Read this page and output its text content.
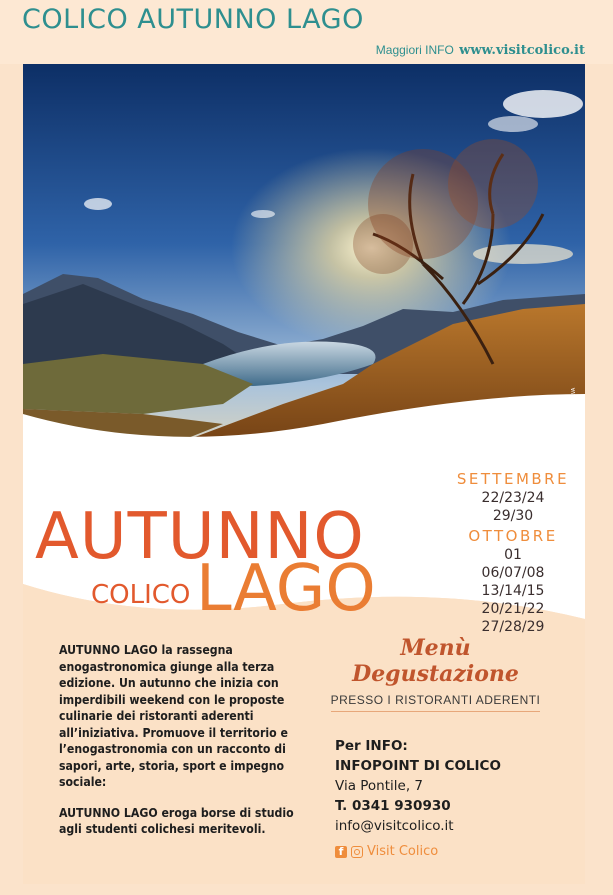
COLICO AUTUNNO LAGO
Maggiori INFO www.visitcolico.it
AUTUNNO
COLICO LAGO
SETTEMBRE
22/23/24
29/30
OTTOBRE
01
06/07/08
13/14/15
20/21/22
27/28/29

AUTUNNO LAGO la rassegna enogastronomica giunge alla terza edizione. Un autunno che inizia con imperdibili weekend con le proposte culinarie dei ristoranti aderenti all’iniziativa. Promuove il territorio e l’enogastronomia con un racconto di sapori, arte, storia, sport e impegno sociale:

AUTUNNO LAGO eroga borse di studio agli studenti colichesi meritevoli.

Menù Degustazione
PRESSO I RISTORANTI ADERENTI
Per INFO:
INFOPOINT DI COLICO
Via Pontile, 7
T. 0341 930930
info@visitcolico.it
f Visit Colico
